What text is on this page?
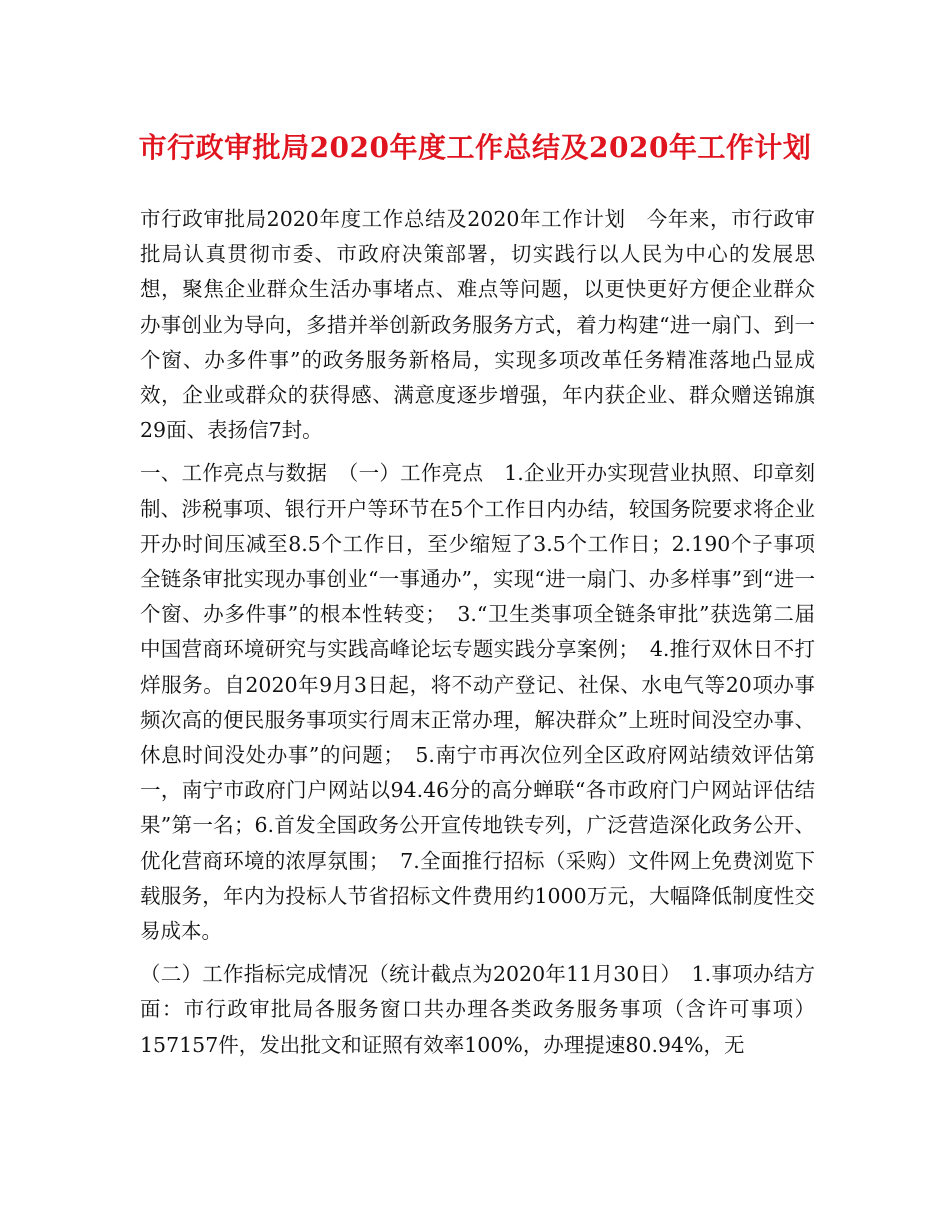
市行政审批局2020年度工作总结及2020年工作计划

市行政审批局2020年度工作总结及2020年工作计划　今年来，市行政审批局认真贯彻市委、市政府决策部署，切实践行以人民为中心的发展思想，聚焦企业群众生活办事堵点、难点等问题，以更快更好方便企业群众办事创业为导向，多措并举创新政务服务方式，着力构建“进一扇门、到一个窗、办多件事”的政务服务新格局，实现多项改革任务精准落地凸显成效，企业或群众的获得感、满意度逐步增强，年内获企业、群众赠送锦旗29面、表扬信7封。

一、工作亮点与数据　（一）工作亮点　1.企业开办实现营业执照、印章刻制、涉税事项、银行开户等环节在5个工作日内办结，较国务院要求将企业开办时间压减至8.5个工作日，至少缩短了3.5个工作日；2.190个子事项全链条审批实现办事创业“一事通办”，实现“进一扇门、办多样事”到“进一个窗、办多件事”的根本性转变；　3.“卫生类事项全链条审批”获选第二届中国营商环境研究与实践高峰论坛专题实践分享案例；　4.推行双休日不打烊服务。自2020年9月3日起，将不动产登记、社保、水电气等20项办事频次高的便民服务事项实行周末正常办理，解决群众”上班时间没空办事、休息时间没处办事”的问题；　5.南宁市再次位列全区政府网站绩效评估第一，南宁市政府门户网站以94.46分的高分蝉联“各市政府门户网站评估结果”第一名；6.首发全国政务公开宣传地铁专列，广泛营造深化政务公开、优化营商环境的浓厚氛围；　7.全面推行招标（采购）文件网上免费浏览下载服务，年内为投标人节省招标文件费用约1000万元，大幅降低制度性交易成本。

（二）工作指标完成情况（统计截点为2020年11月30日）　1.事项办结方面：市行政审批局各服务窗口共办理各类政务服务事项（含许可事项）157157件，发出批文和证照有效率100%，办理提速80.94%，无
